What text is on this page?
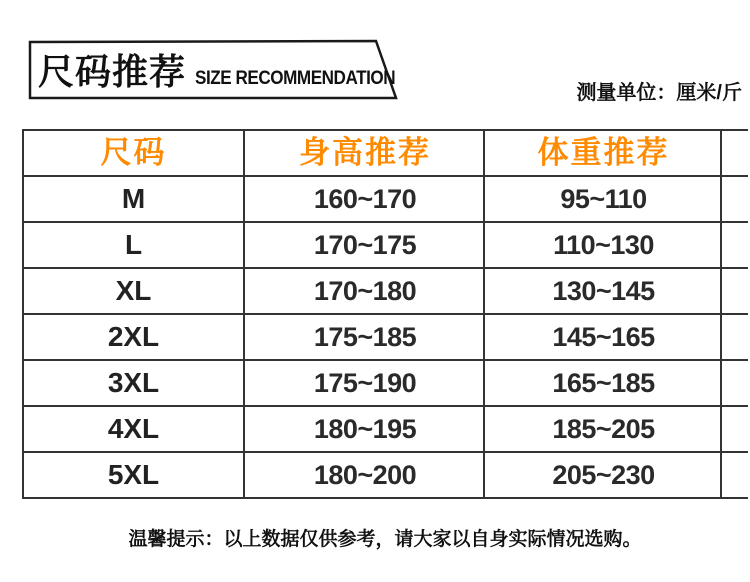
尺码推荐 SIZE RECOMMENDATION
测量单位：厘米/斤
尺码	身高推荐	体重推荐
M	160~170	95~110
L	170~175	110~130
XL	170~180	130~145
2XL	175~185	145~165
3XL	175~190	165~185
4XL	180~195	185~205
5XL	180~200	205~230
温馨提示：以上数据仅供参考，请大家以自身实际情况选购。
